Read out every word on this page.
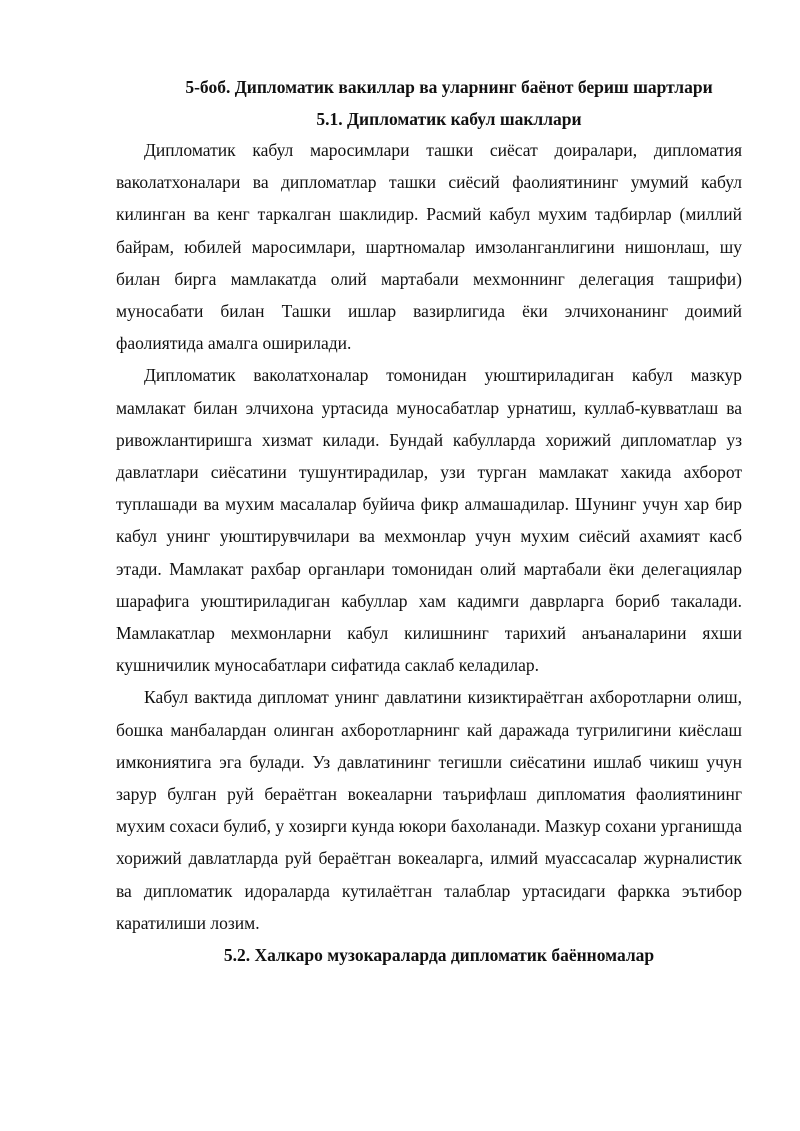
5-боб. Дипломатик вакиллар ва уларнинг баёнот бериш шартлари
5.1. Дипломатик кабул шакллари

Дипломатик кабул маросимлари ташки сиёсат доиралари, дипломатия ваколатхоналари ва дипломатлар ташки сиёсий фаолиятининг умумий кабул килинган ва кенг таркалган шаклидир. Расмий кабул мухим тадбирлар (миллий байрам, юбилей маросимлари, шартномалар имзоланганлигини нишонлаш, шу билан бирга мамлакатда олий мартабали мехмоннинг делегация ташрифи) муносабати билан Ташки ишлар вазирлигида ёки элчихонанинг доимий фаолиятида амалга оширилади.

Дипломатик ваколатхоналар томонидан уюштириладиган кабул мазкур мамлакат билан элчихона уртасида муносабатлар урнатиш, куллаб-кувватлаш ва ривожлантиришга хизмат килади. Бундай кабулларда хорижий дипломатлар уз давлатлари сиёсатини тушунтирадилар, узи турган мамлакат хакида ахборот туплашади ва мухим масалалар буйича фикр алмашадилар. Шунинг учун хар бир кабул унинг уюштирувчилари ва мехмонлар учун мухим сиёсий ахамият касб этади. Мамлакат рахбар органлари томонидан олий мартабали ёки делегациялар шарафига уюштириладиган кабуллар хам кадимги даврларга бориб такалади. Мамлакатлар мехмонларни кабул килишнинг тарихий анъаналарини яхши кушничилик муносабатлари сифатида саклаб келадилар.

Кабул вактида дипломат унинг давлатини кизиктираётган ахборотларни олиш, бошка манбалардан олинган ахборотларнинг кай даражада тугрилигини киёслаш имкониятига эга булади. Уз давлатининг тегишли сиёсатини ишлаб чикиш учун зарур булган руй бераётган вокеаларни таърифлаш дипломатия фаолиятининг мухим сохаси булиб, у хозирги кунда юкори бахоланади. Мазкур сохани урганишда хорижий давлатларда руй бераётган вокеаларга, илмий муассасалар журналистик ва дипломатик идораларда кутилаётган талаблар уртасидаги фаркка эътибор каратилиши лозим.

5.2. Халкаро музокараларда дипломатик баённомалар
